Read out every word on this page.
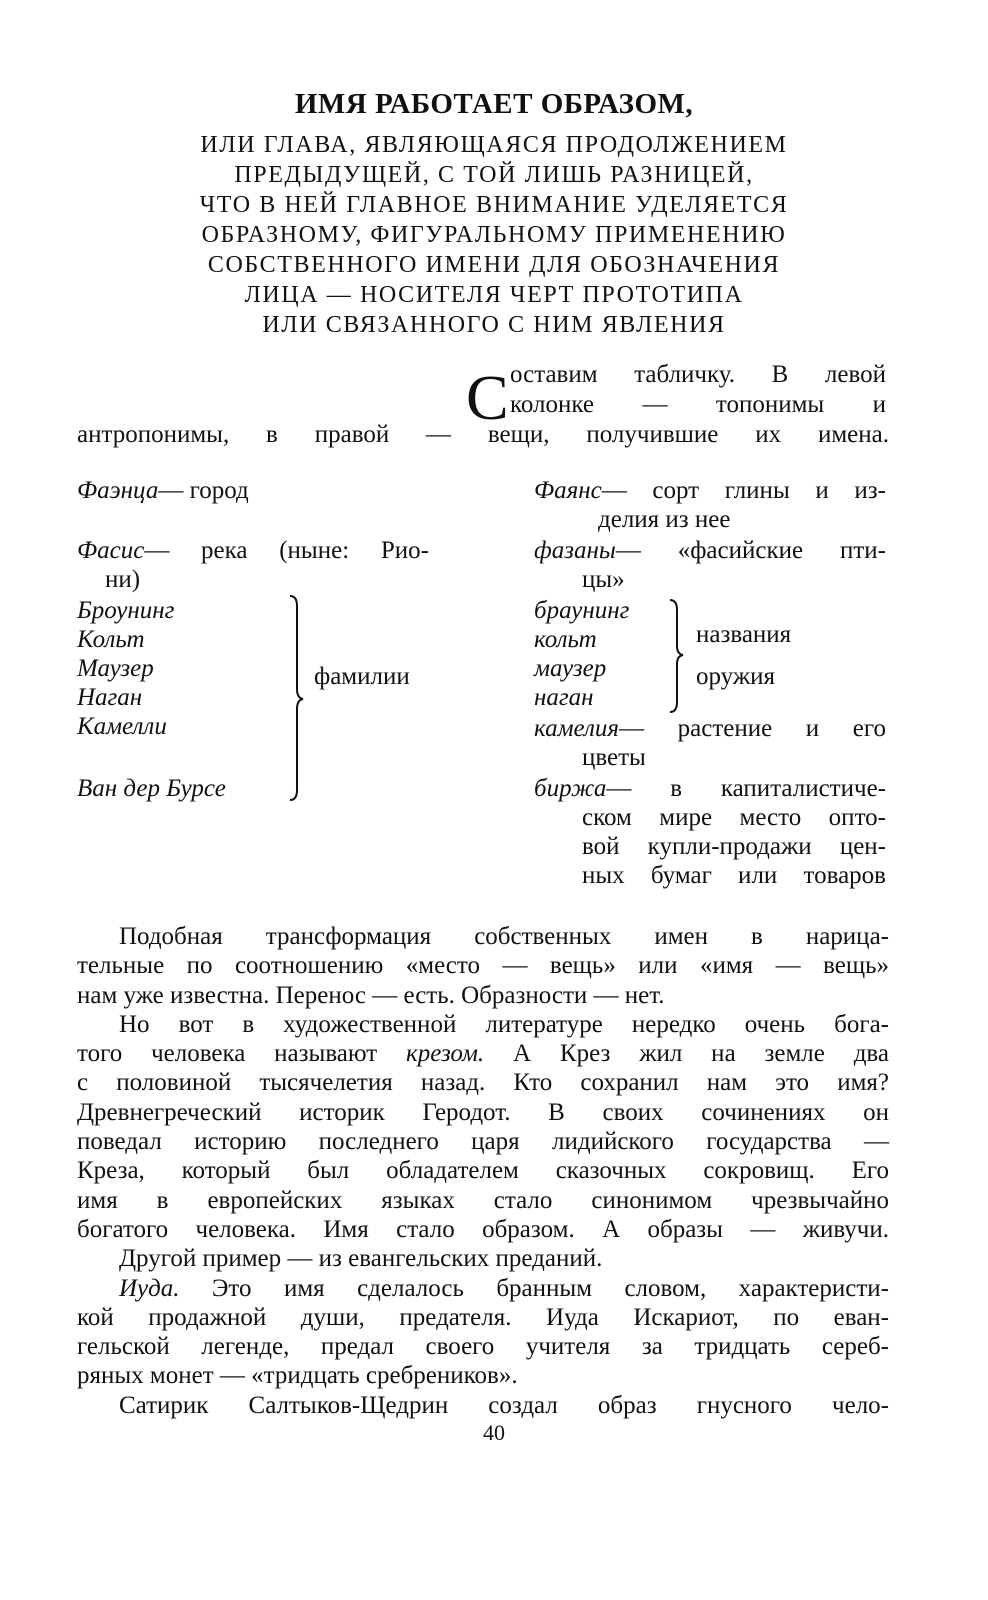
ИМЯ РАБОТАЕТ ОБРАЗОМ,
ИЛИ ГЛАВА, ЯВЛЯЮЩАЯСЯ ПРОДОЛЖЕНИЕМ
ПРЕДЫДУЩЕЙ, С ТОЙ ЛИШЬ РАЗНИЦЕЙ,
ЧТО В НЕЙ ГЛАВНОЕ ВНИМАНИЕ УДЕЛЯЕТСЯ
ОБРАЗНОМУ, ФИГУРАЛЬНОМУ ПРИМЕНЕНИЮ
СОБСТВЕННОГО ИМЕНИ ДЛЯ ОБОЗНАЧЕНИЯ
ЛИЦА — НОСИТЕЛЯ ЧЕРТ ПРОТОТИПА
ИЛИ СВЯЗАННОГО С НИМ ЯВЛЕНИЯ
С оставим табличку. В левой
колонке — топонимы и
антропонимы, в правой — вещи, получившие их имена.
Фаэнца— город
Фасис— река (ныне: Рио-
ни)
Броунинг
Кольт
Маузер
Наган
Камелли
Ван дер Бурсе
фамилии
Фаянс— сорт глины и из-
делия из нее
фазаны— «фасийские пти-
цы»
браунинг
кольт
маузер
наган
названия
оружия
камелия— растение и его
цветы
биржа— в капиталистиче-
ском мире место опто-
вой купли-продажи цен-
ных бумаг или товаров
Подобная трансформация собственных имен в нарица-
тельные по соотношению «место — вещь» или «имя — вещь»
нам уже известна. Перенос — есть. Образности — нет.
Но вот в художественной литературе нередко очень бога-
того человека называют крезом. А Крез жил на земле два
с половиной тысячелетия назад. Кто сохранил нам это имя?
Древнегреческий историк Геродот. В своих сочинениях он
поведал историю последнего царя лидийского государства —
Креза, который был обладателем сказочных сокровищ. Его
имя в европейских языках стало синонимом чрезвычайно
богатого человека. Имя стало образом. А образы — живучи.
Другой пример — из евангельских преданий.
Иуда. Это имя сделалось бранным словом, характеристи-
кой продажной души, предателя. Иуда Искариот, по еван-
гельской легенде, предал своего учителя за тридцать сереб-
ряных монет — «тридцать сребреников».
Сатирик Салтыков-Щедрин создал образ гнусного чело-
40
